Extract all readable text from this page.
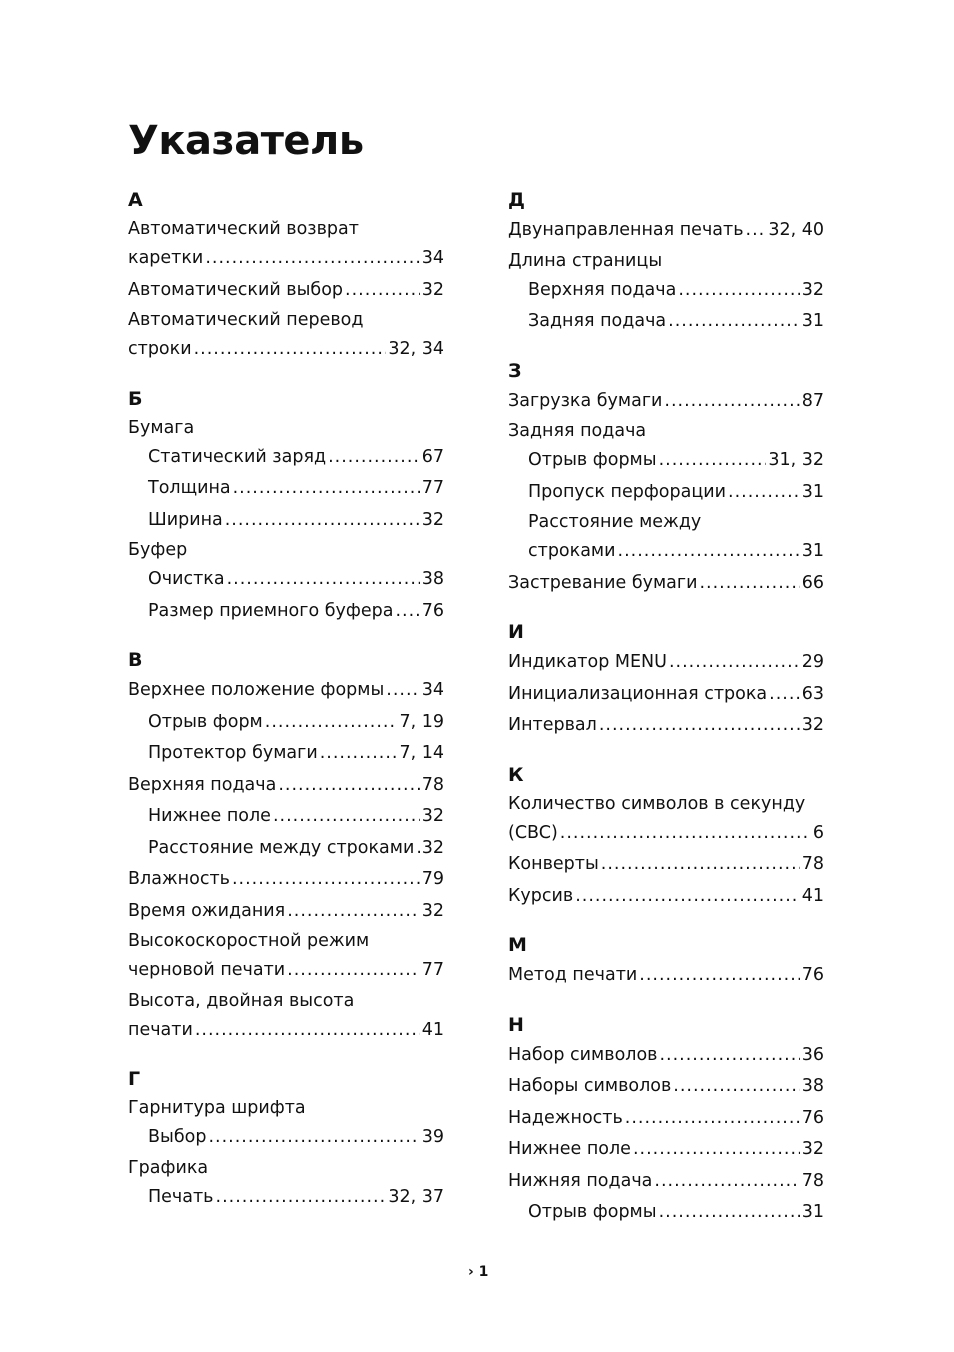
Указатель
А
Автоматический возврат
каретки .....	34
Автоматический выбор .....	32
Автоматический перевод
строки .....	32, 34
Б
Бумага
Статический заряд .....	67
Толщина .....	77
Ширина .....	32
Буфер
Очистка .....	38
Размер приемного буфера ..... 76
В
Верхнее положение формы ..... 34
Отрыв форм .....	7, 19
Протектор бумаги .....	7, 14
Верхняя подача .....	78
Нижнее поле .....	32
Расстояние между строками ..... 32
Влажность .....	79
Время ожидания .....	32
Высокоскоростной режим
черновой печати .....	77
Высота, двойная высота
печати .....	41
Г
Гарнитура шрифта
Выбор .....	39
Графика
Печать .....	32, 37
Д
Двунаправленная печать ..... 32, 40
Длина страницы
Верхняя подача .....	32
Задняя подача .....	31
З
Загрузка бумаги .....	87
Задняя подача
Отрыв формы .....	31, 32
Пропуск перфорации .....	31
Расстояние между
строками .....	31
Застревание бумаги .....	66
И
Индикатор MENU .....	29
Инициализационная строка ..... 63
Интервал .....	32
К
Количество символов в секунду
(CBC) .....	6
Конверты .....	78
Курсив .....	41
М
Метод печати .....	76
Н
Набор символов .....	36
Наборы символов .....	38
Надежность .....	76
Нижнее поле .....	32
Нижняя подача .....	78
Отрыв формы .....	31
› 1
